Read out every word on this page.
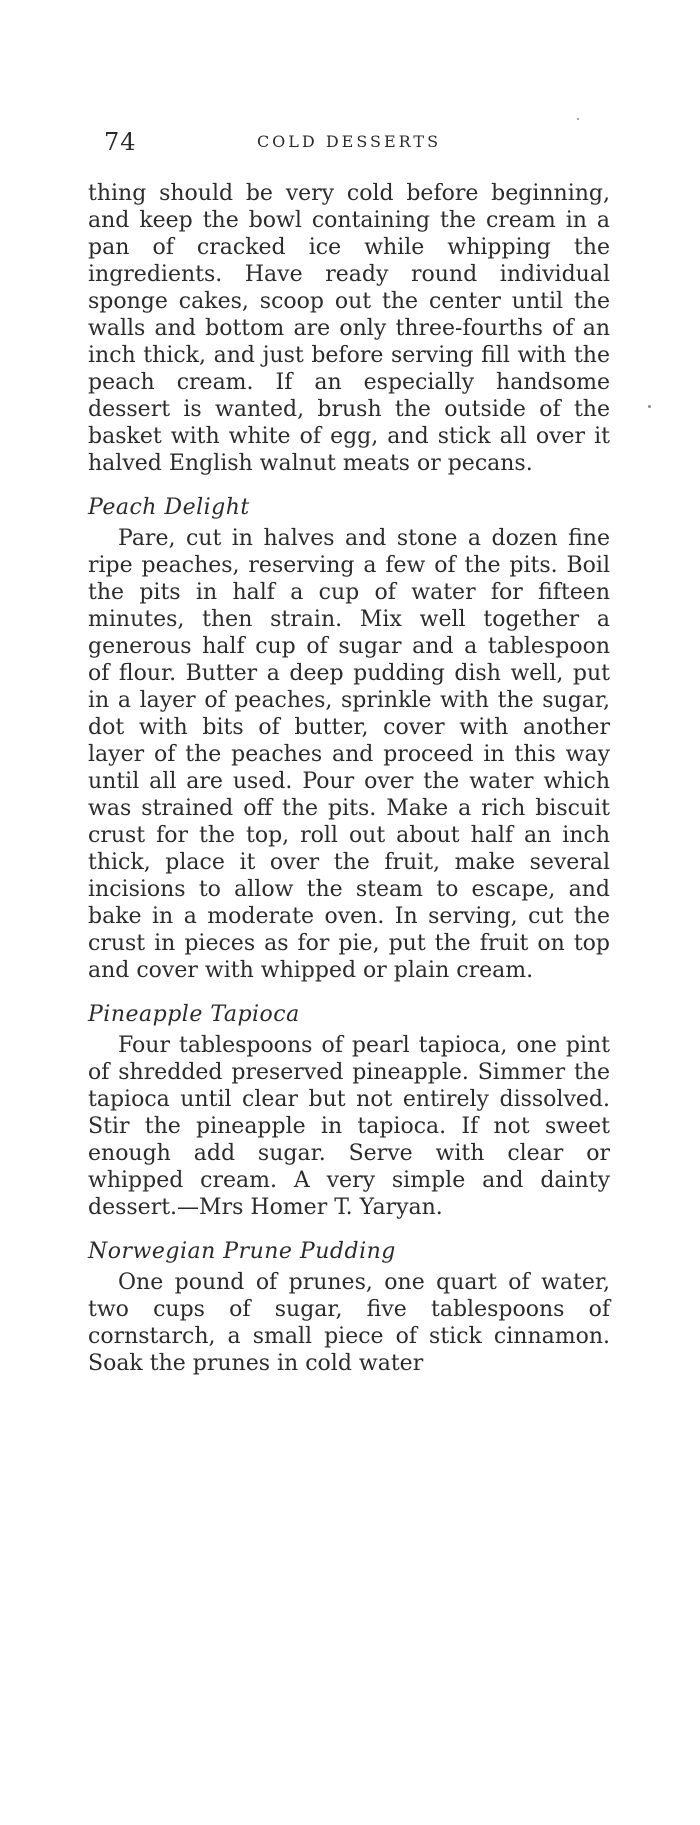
74	COLD DESSERTS

thing should be very cold before beginning, and keep the bowl containing the cream in a pan of cracked ice while whipping the ingredients. Have ready round individual sponge cakes, scoop out the center until the walls and bottom are only three-fourths of an inch thick, and just before serving fill with the peach cream. If an especially handsome dessert is wanted, brush the outside of the basket with white of egg, and stick all over it halved English walnut meats or pecans.

Peach Delight

Pare, cut in halves and stone a dozen fine ripe peaches, reserving a few of the pits. Boil the pits in half a cup of water for fifteen minutes, then strain. Mix well together a generous half cup of sugar and a tablespoon of flour. Butter a deep pudding dish well, put in a layer of peaches, sprinkle with the sugar, dot with bits of butter, cover with another layer of the peaches and proceed in this way until all are used. Pour over the water which was strained off the pits. Make a rich biscuit crust for the top, roll out about half an inch thick, place it over the fruit, make several incisions to allow the steam to escape, and bake in a moderate oven. In serving, cut the crust in pieces as for pie, put the fruit on top and cover with whipped or plain cream.

Pineapple Tapioca

Four tablespoons of pearl tapioca, one pint of shredded preserved pineapple. Simmer the tapioca until clear but not entirely dissolved. Stir the pineapple in tapioca. If not sweet enough add sugar. Serve with clear or whipped cream. A very simple and dainty dessert.—Mrs Homer T. Yaryan.

Norwegian Prune Pudding

One pound of prunes, one quart of water, two cups of sugar, five tablespoons of cornstarch, a small piece of stick cinnamon. Soak the prunes in cold water
